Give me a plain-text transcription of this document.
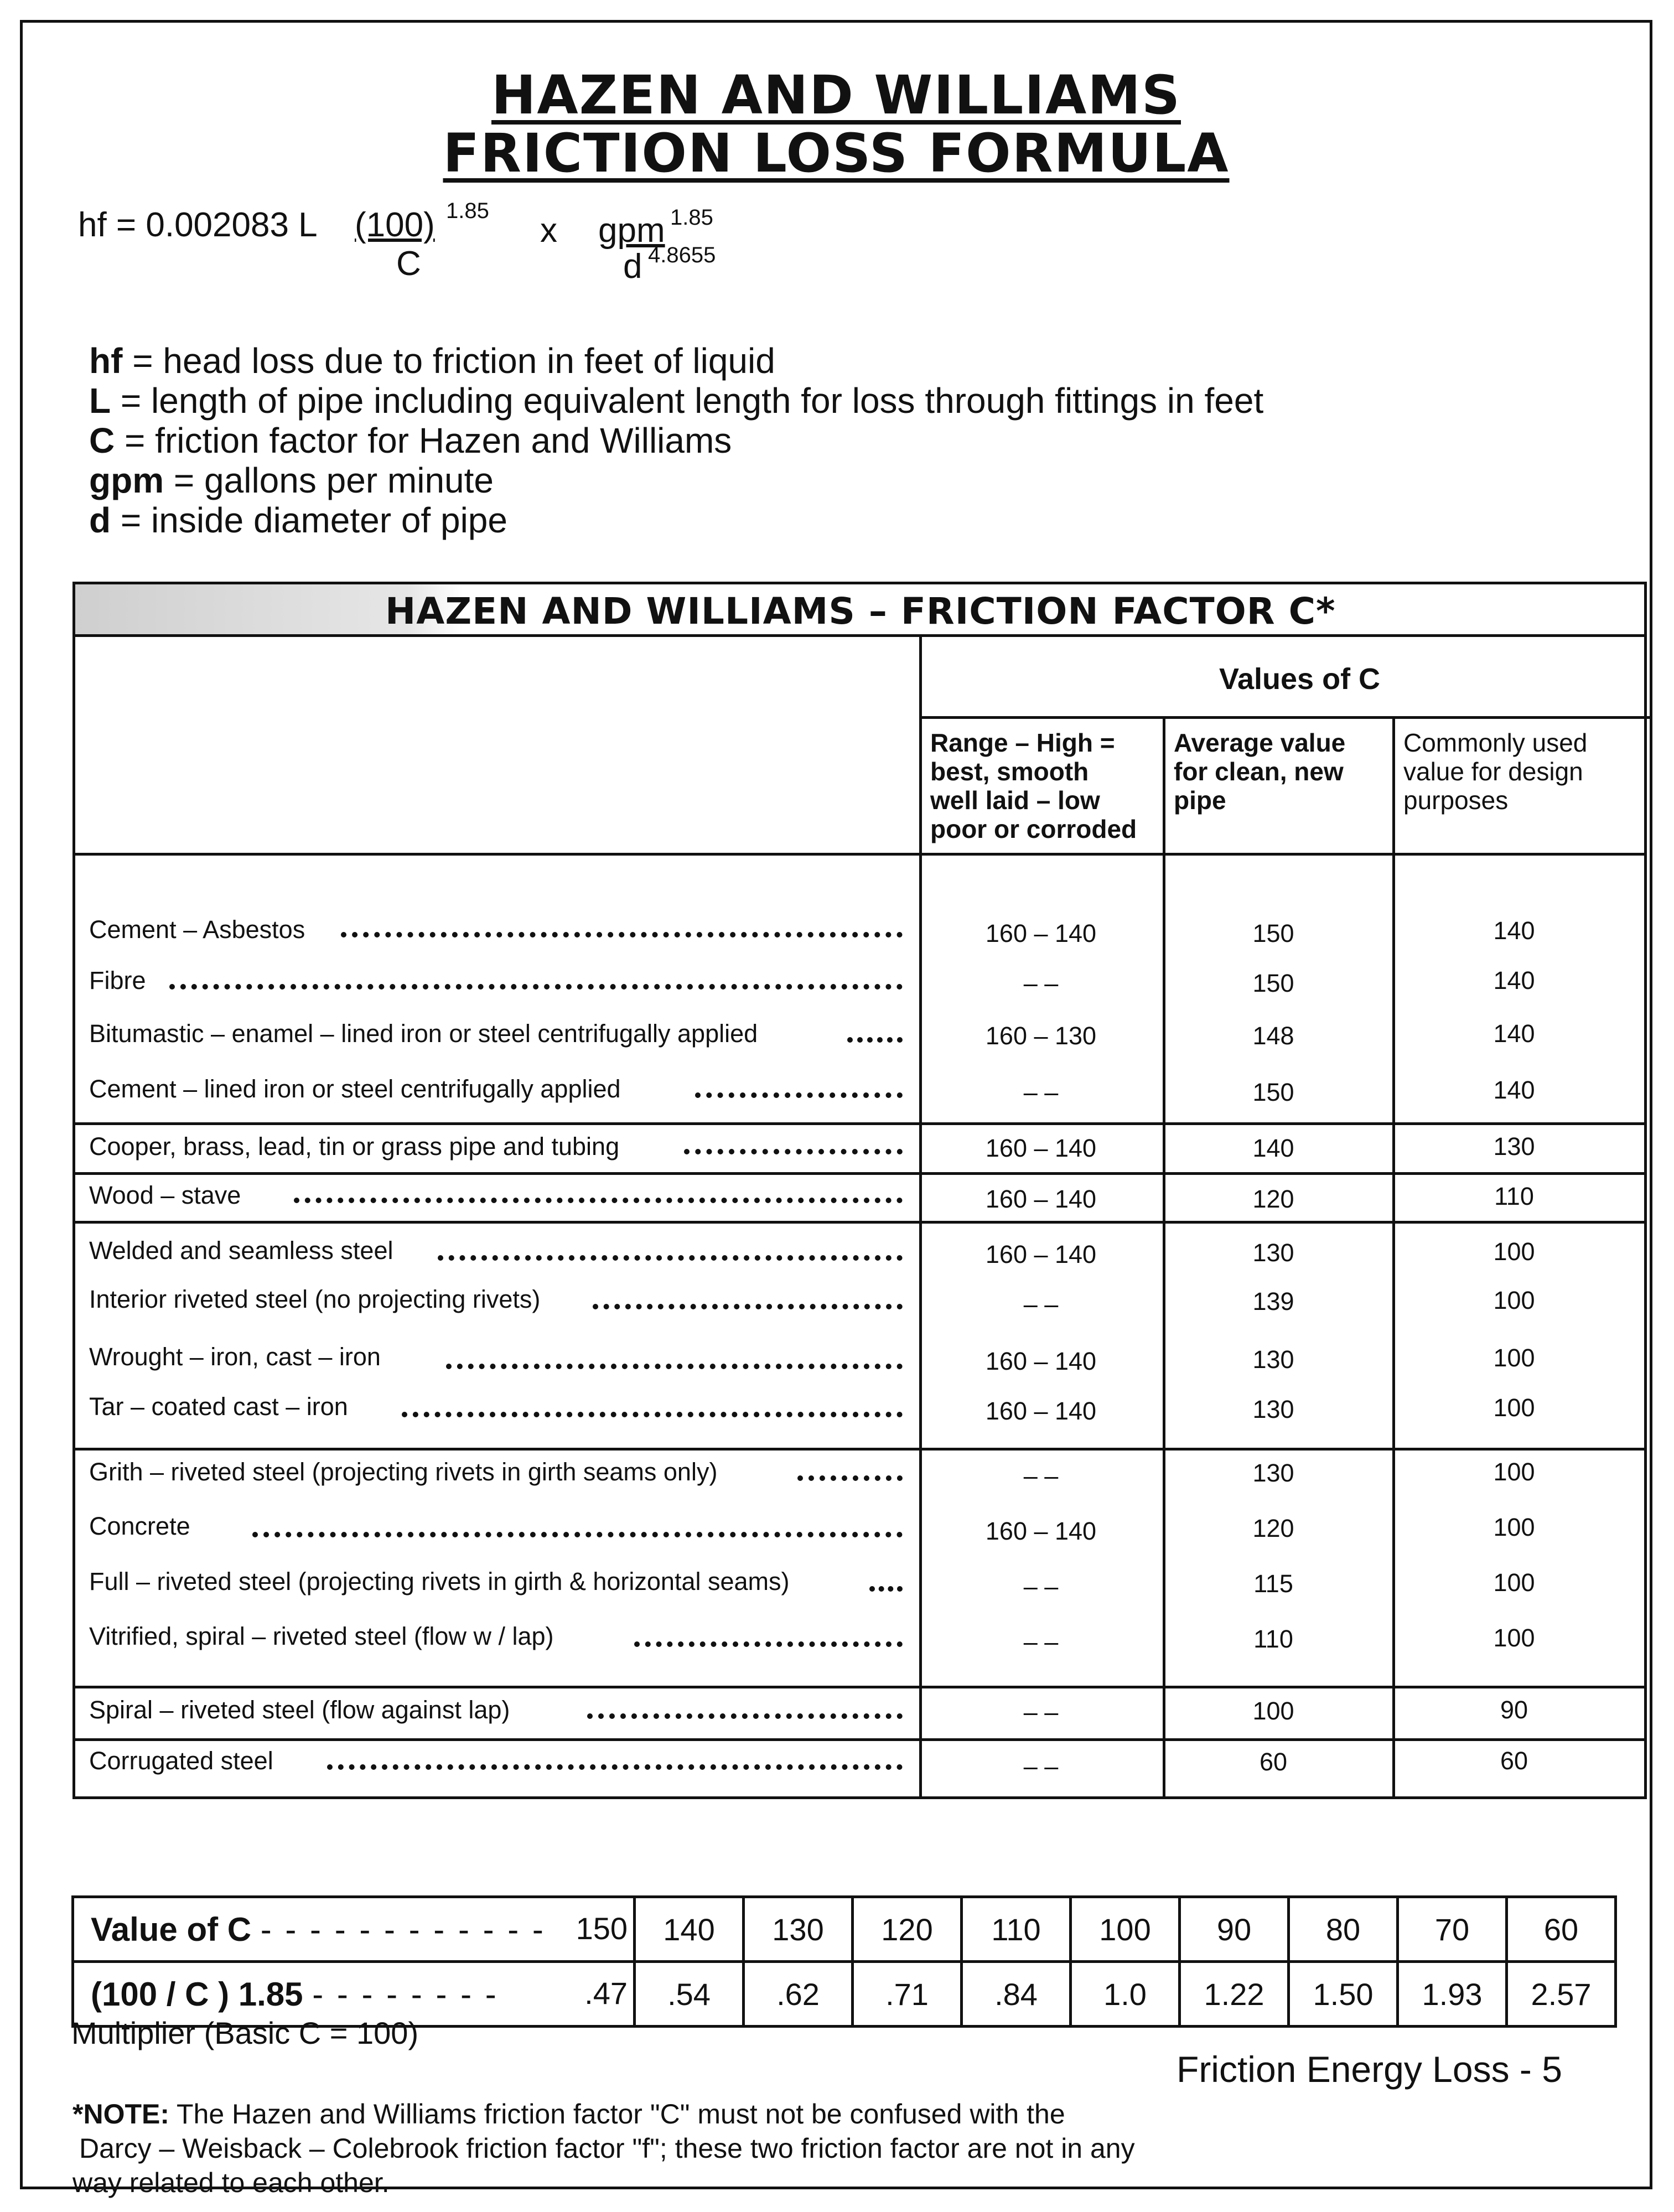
HAZEN AND WILLIAMS
FRICTION LOSS FORMULA
hf = 0.002083 L (100) 1.85
C
x gpm 1.85
d 4.8655
hf = head loss due to friction in feet of liquid
L = length of pipe including equivalent length for loss through fittings in feet
C = friction factor for Hazen and Williams
gpm = gallons per minute
d = inside diameter of pipe
HAZEN AND WILLIAMS – FRICTION FACTOR C*
Values of C
Range – High =
best, smooth
well laid – low
poor or corroded
Average value
for clean, new
pipe
Commonly used
value for design
purposes
Cement – Asbestos	160 – 140	150	140
Fibre	– –	150	140
Bitumastic – enamel – lined iron or steel centrifugally applied	160 – 130	148	140
Cement – lined iron or steel centrifugally applied	– –	150	140
Cooper, brass, lead, tin or grass pipe and tubing	160 – 140	140	130
Wood – stave	160 – 140	120	110
Welded and seamless steel	160 – 140	130	100
Interior riveted steel (no projecting rivets)	– –	139	100
Wrought – iron, cast – iron	160 – 140	130	100
Tar – coated cast – iron	160 – 140	130	100
Grith – riveted steel (projecting rivets in girth seams only)	– –	130	100
Concrete	160 – 140	120	100
Full – riveted steel (projecting rivets in girth & horizontal seams)	– –	115	100
Vitrified, spiral – riveted steel (flow w / lap)	– –	110	100
Spiral – riveted steel (flow against lap)	– –	100	90
Corrugated steel	– –	60	60
Value of C - - - - - - - - - - - - 150	140	130	120	110	100	90	80	70	60
(100 / C ) 1.85 - - - - - - - - .47	.54	.62	.71	.84	1.0	1.22	1.50	1.93	2.57
Multiplier (Basic C = 100)
Friction Energy Loss - 5
*NOTE: The Hazen and Williams friction factor "C" must not be confused with the
Darcy – Weisback – Colebrook friction factor "f"; these two friction factor are not in any
way related to each other.
